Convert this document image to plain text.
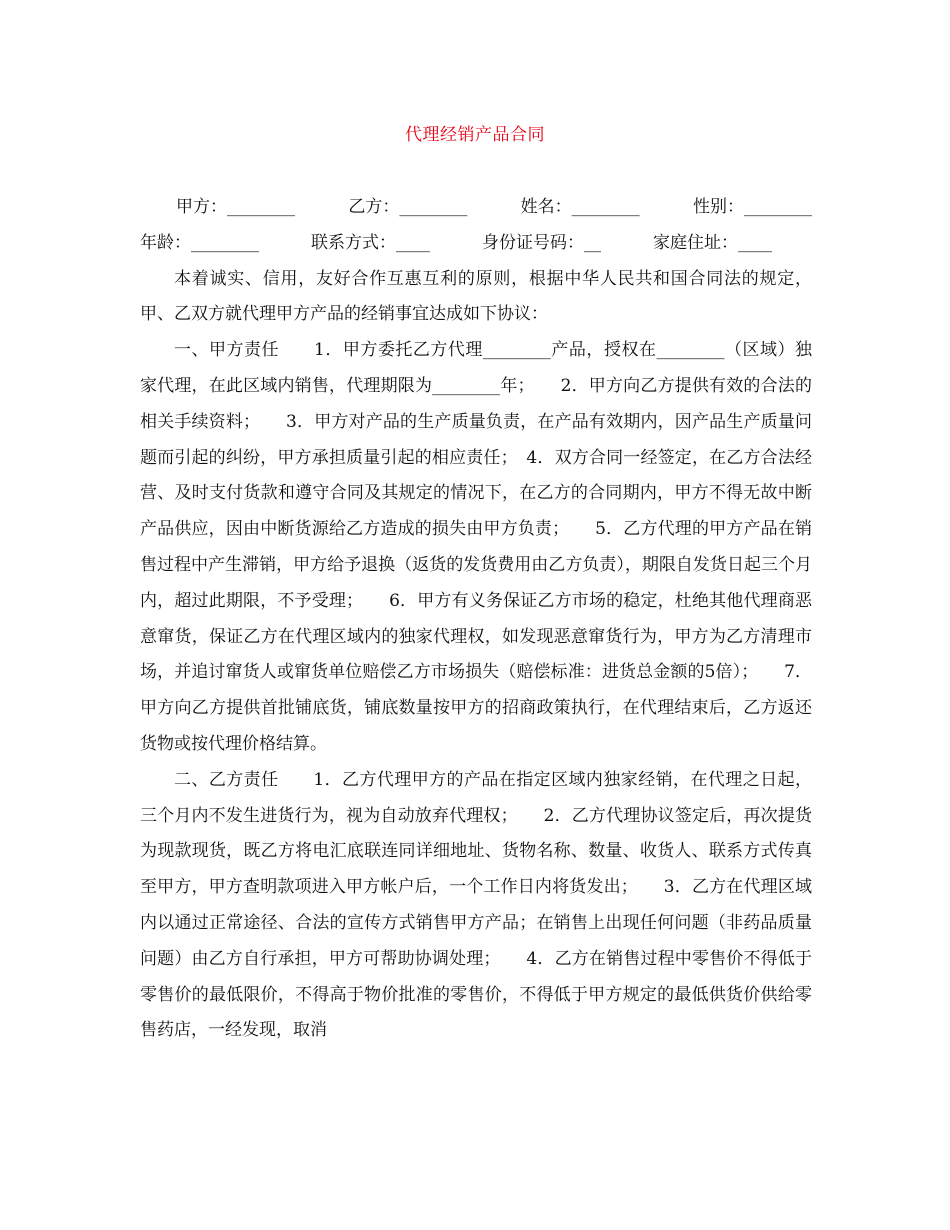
代理经销产品合同
甲方：________	乙方：________	姓名：________	性别：________
年龄：________	联系方式：____	身份证号码：__	家庭住址：____

本着诚实、信用，友好合作互惠互利的原则，根据中华人民共和国合同法的规定，甲、乙双方就代理甲方产品的经销事宜达成如下协议：

一、甲方责任　　1．甲方委托乙方代理________产品，授权在________（区域）独家代理，在此区域内销售，代理期限为________年；　　2．甲方向乙方提供有效的合法的相关手续资料；　　3．甲方对产品的生产质量负责，在产品有效期内，因产品生产质量问题而引起的纠纷，甲方承担质量引起的相应责任；　4．双方合同一经签定，在乙方合法经营、及时支付货款和遵守合同及其规定的情况下，在乙方的合同期内，甲方不得无故中断产品供应，因由中断货源给乙方造成的损失由甲方负责；　　5．乙方代理的甲方产品在销售过程中产生滞销，甲方给予退换（返货的发货费用由乙方负责），期限自发货日起三个月内，超过此期限，不予受理；　　6．甲方有义务保证乙方市场的稳定，杜绝其他代理商恶意窜货，保证乙方在代理区域内的独家代理权，如发现恶意窜货行为，甲方为乙方清理市场，并追讨窜货人或窜货单位赔偿乙方市场损失（赔偿标准：进货总金额的5倍）；　　7．甲方向乙方提供首批铺底货，铺底数量按甲方的招商政策执行，在代理结束后，乙方返还货物或按代理价格结算。

二、乙方责任　　1．乙方代理甲方的产品在指定区域内独家经销，在代理之日起，三个月内不发生进货行为，视为自动放弃代理权；　　2．乙方代理协议签定后，再次提货为现款现货，既乙方将电汇底联连同详细地址、货物名称、数量、收货人、联系方式传真至甲方，甲方查明款项进入甲方帐户后，一个工作日内将货发出；　　3．乙方在代理区域内以通过正常途径、合法的宣传方式销售甲方产品；在销售上出现任何问题（非药品质量问题）由乙方自行承担，甲方可帮助协调处理；　　4．乙方在销售过程中零售价不得低于零售价的最低限价，不得高于物价批准的零售价，不得低于甲方规定的最低供货价供给零售药店，一经发现，取消
